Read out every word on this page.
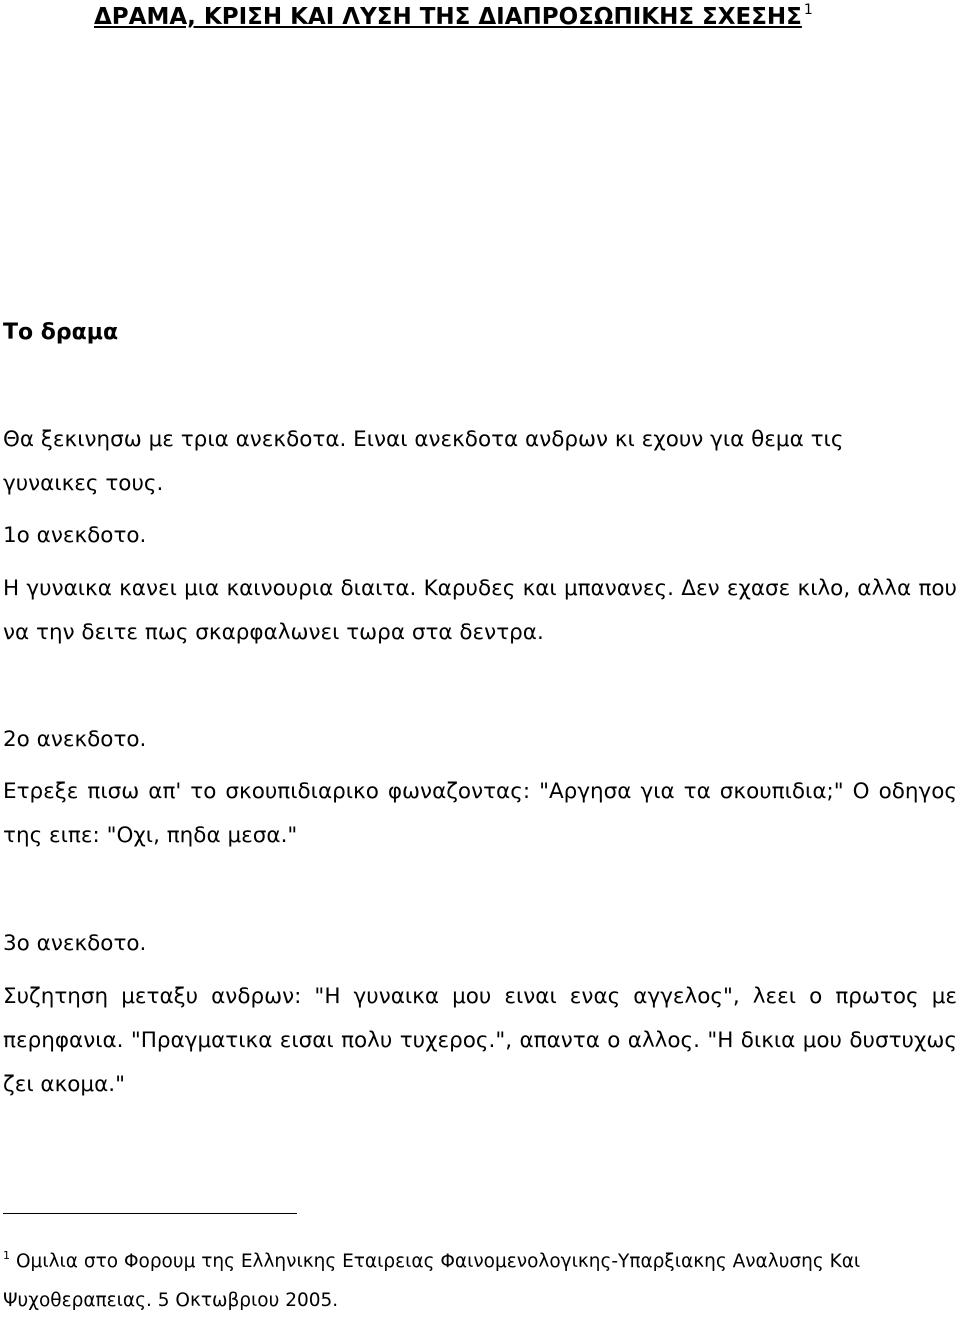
ΔΡΑΜΑ, ΚΡΙΣΗ ΚΑΙ ΛΥΣΗ ΤΗΣ ΔΙΑΠΡΟΣΩΠΙΚΗΣ ΣΧΕΣΗΣ $^1$
Το δραμα

Θα ξεκινησω με τρια ανεκδοτα. Ειναι ανεκδοτα ανδρων κι εχουν για θεμα τις
γυναικες τους.

1ο ανεκδοτο.

Η γυναικα κανει μια καινουρια διαιτα. Καρυδες και μπανανες. Δεν εχασε κιλο, αλλα που να την δειτε πως σκαρφαλωνει τωρα στα δεντρα.

2ο ανεκδοτο.

Ετρεξε πισω απ' το σκουπιδιαρικο φωναζοντας: "Αργησα για τα σκουπιδια;" Ο οδηγος της ειπε: "Οχι, πηδα μεσα."

3ο ανεκδοτο.

Συζητηση μεταξυ ανδρων: "Η γυναικα μου ειναι ενας αγγελος", λεει ο πρωτος με περηφανια. "Πραγματικα εισαι πολυ τυχερος.", απαντα ο αλλος. "Η δικια μου δυστυχως ζει ακομα."

$^1$ Ομιλια στο Φορουμ της Ελληνικης Εταιρειας Φαινομενολογικης-Υπαρξιακης Αναλυσης Και Ψυχοθεραπειας. 5 Οκτωβριου 2005.
